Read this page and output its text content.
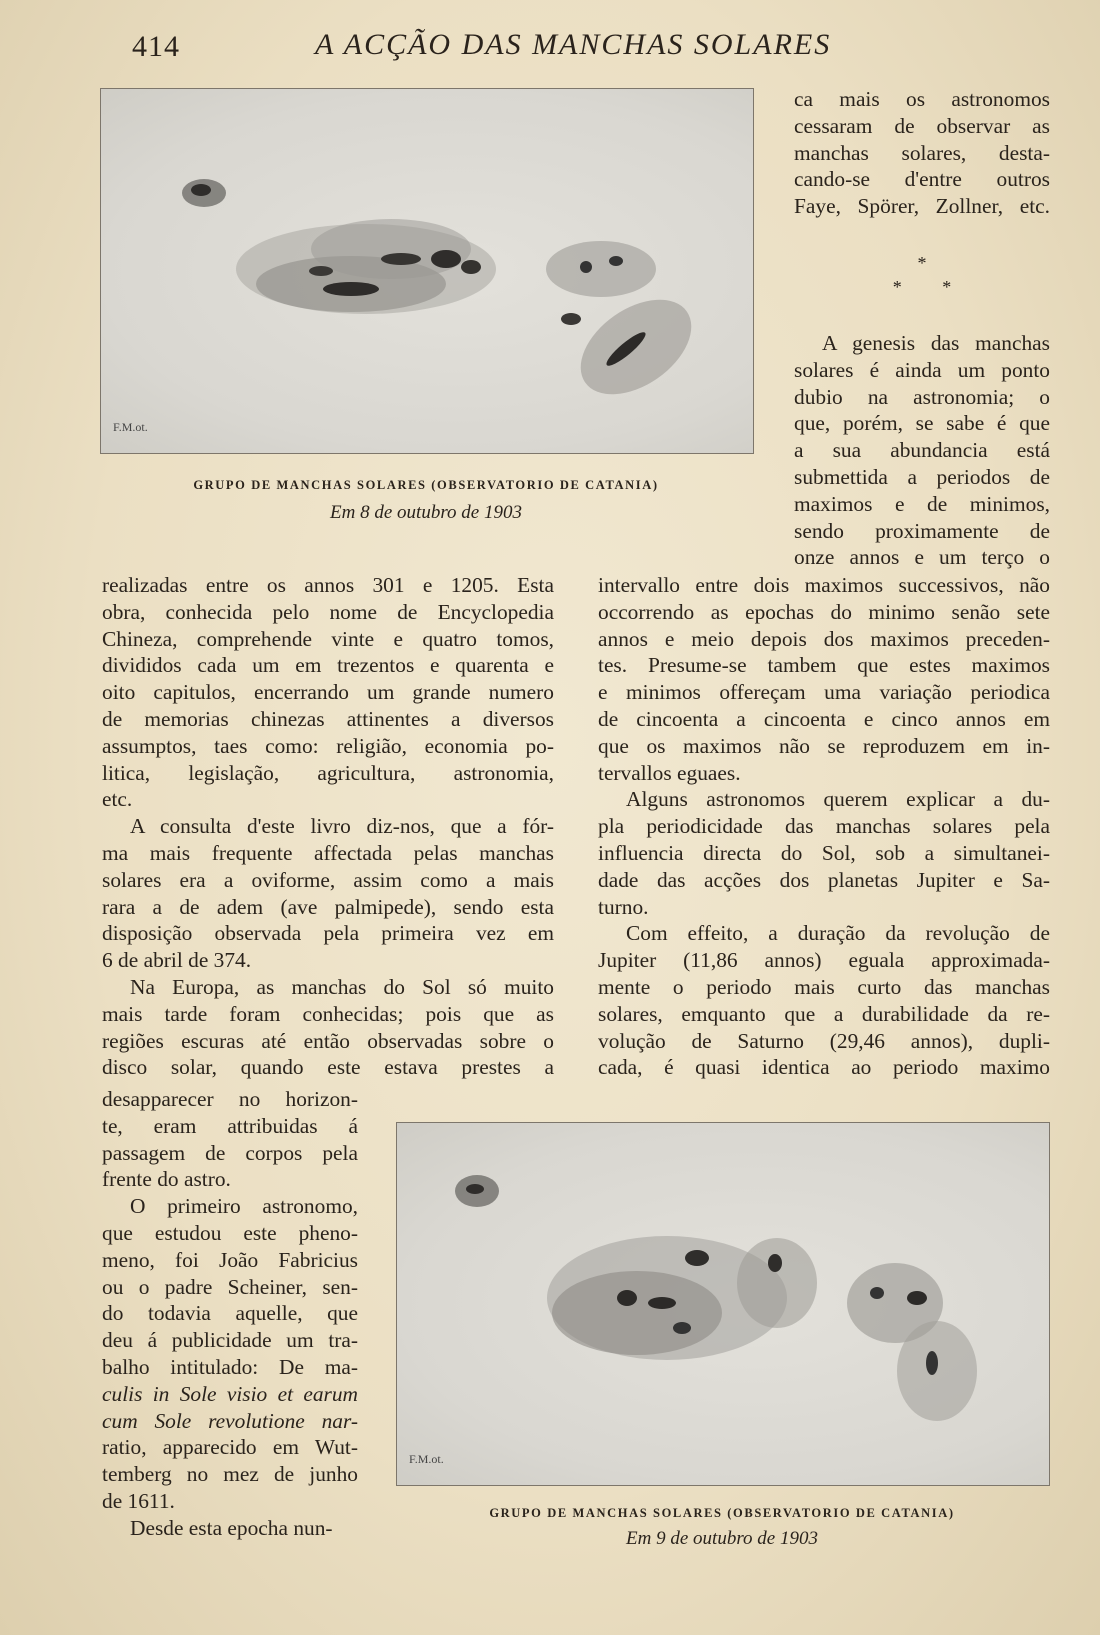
414	A ACÇÃO DAS MANCHAS SOLARES
F.M.ot.
GRUPO DE MANCHAS SOLARES (OBSERVATORIO DE CATANIA)
Em 8 de outubro de 1903

ca mais os astronomos
cessaram de observar as
manchas solares, desta-
cando-se d'entre outros
Faye, Spörer, Zollner, etc.

*
* *

A genesis das manchas
solares é ainda um ponto
dubio na astronomia; o
que, porém, se sabe é que
a sua abundancia está
submettida a periodos de
maximos e de minimos,
sendo proximamente de
onze annos e um terço o

realizadas entre os annos 301 e 1205. Esta
obra, conhecida pelo nome de Encyclopedia
Chineza, comprehende vinte e quatro tomos,
divididos cada um em trezentos e quarenta e
oito capitulos, encerrando um grande numero
de memorias chinezas attinentes a diversos
assumptos, taes como: religião, economia po-
litica, legislação, agricultura, astronomia,
etc.

A consulta d'este livro diz-nos, que a fór-
ma mais frequente affectada pelas manchas
solares era a oviforme, assim como a mais
rara a de adem (ave palmipede), sendo esta
disposição observada pela primeira vez em
6 de abril de 374.

Na Europa, as manchas do Sol só muito
mais tarde foram conhecidas; pois que as
regiões escuras até então observadas sobre o
disco solar, quando este estava prestes a

intervallo entre dois maximos successivos, não
occorrendo as epochas do minimo senão sete
annos e meio depois dos maximos preceden-
tes. Presume-se tambem que estes maximos
e minimos offereçam uma variação periodica
de cincoenta a cincoenta e cinco annos em
que os maximos não se reproduzem em in-
tervallos eguaes.

Alguns astronomos querem explicar a du-
pla periodicidade das manchas solares pela
influencia directa do Sol, sob a simultanei-
dade das acções dos planetas Jupiter e Sa-
turno.

Com effeito, a duração da revolução de
Jupiter (11,86 annos) eguala approximada-
mente o periodo mais curto das manchas
solares, emquanto que a durabilidade da re-
volução de Saturno (29,46 annos), dupli-
cada, é quasi identica ao periodo maximo

desapparecer no horizon-
te, eram attribuidas á
passagem de corpos pela
frente do astro.

O primeiro astronomo,
que estudou este pheno-
meno, foi João Fabricius
ou o padre Scheiner, sen-
do todavia aquelle, que
deu á publicidade um tra-
balho intitulado: De ma-
culis in Sole visio et earum
cum Sole revolutione nar-
ratio, apparecido em Wut-
temberg no mez de junho
de 1611.

Desde esta epocha nun-

F.M.ot.
GRUPO DE MANCHAS SOLARES (OBSERVATORIO DE CATANIA)
Em 9 de outubro de 1903
